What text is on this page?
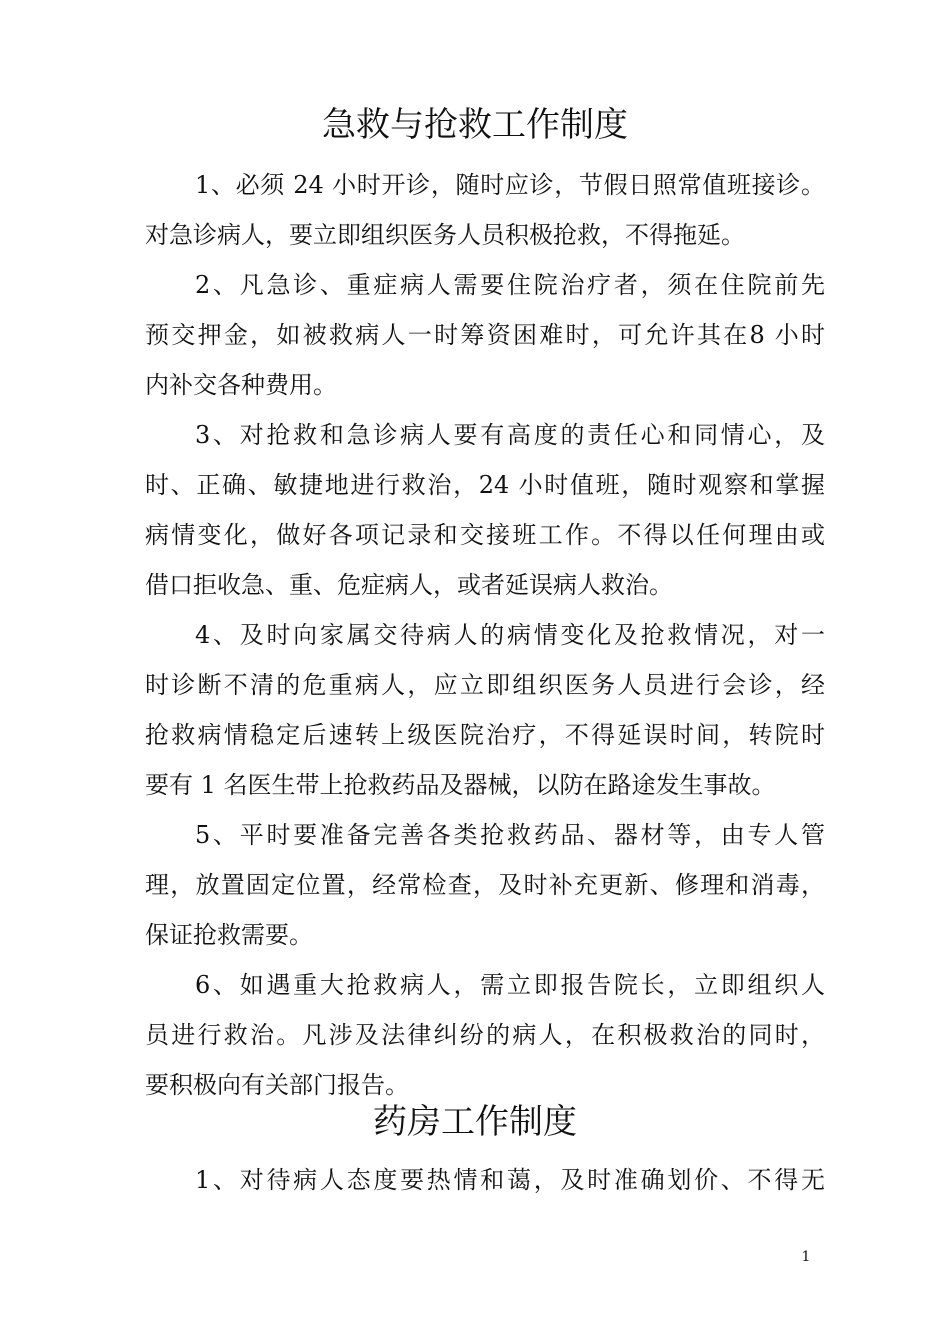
急救与抢救工作制度
1、必须 24 小时开诊，随时应诊，节假日照常值班接诊。
对急诊病人，要立即组织医务人员积极抢救，不得拖延。
2、凡急诊、重症病人需要住院治疗者，须在住院前先
预交押金，如被救病人一时筹资困难时，可允许其在8 小时
内补交各种费用。
3、对抢救和急诊病人要有高度的责任心和同情心，及
时、正确、敏捷地进行救治，24 小时值班，随时观察和掌握
病情变化，做好各项记录和交接班工作。不得以任何理由或
借口拒收急、重、危症病人，或者延误病人救治。
4、及时向家属交待病人的病情变化及抢救情况，对一
时诊断不清的危重病人，应立即组织医务人员进行会诊，经
抢救病情稳定后速转上级医院治疗，不得延误时间，转院时
要有 1 名医生带上抢救药品及器械，以防在路途发生事故。
5、平时要准备完善各类抢救药品、器材等，由专人管
理，放置固定位置，经常检查，及时补充更新、修理和消毒，
保证抢救需要。
6、如遇重大抢救病人，需立即报告院长，立即组织人
员进行救治。凡涉及法律纠纷的病人，在积极救治的同时，
要积极向有关部门报告。
药房工作制度
1、对待病人态度要热情和蔼，及时准确划价、不得无
1
